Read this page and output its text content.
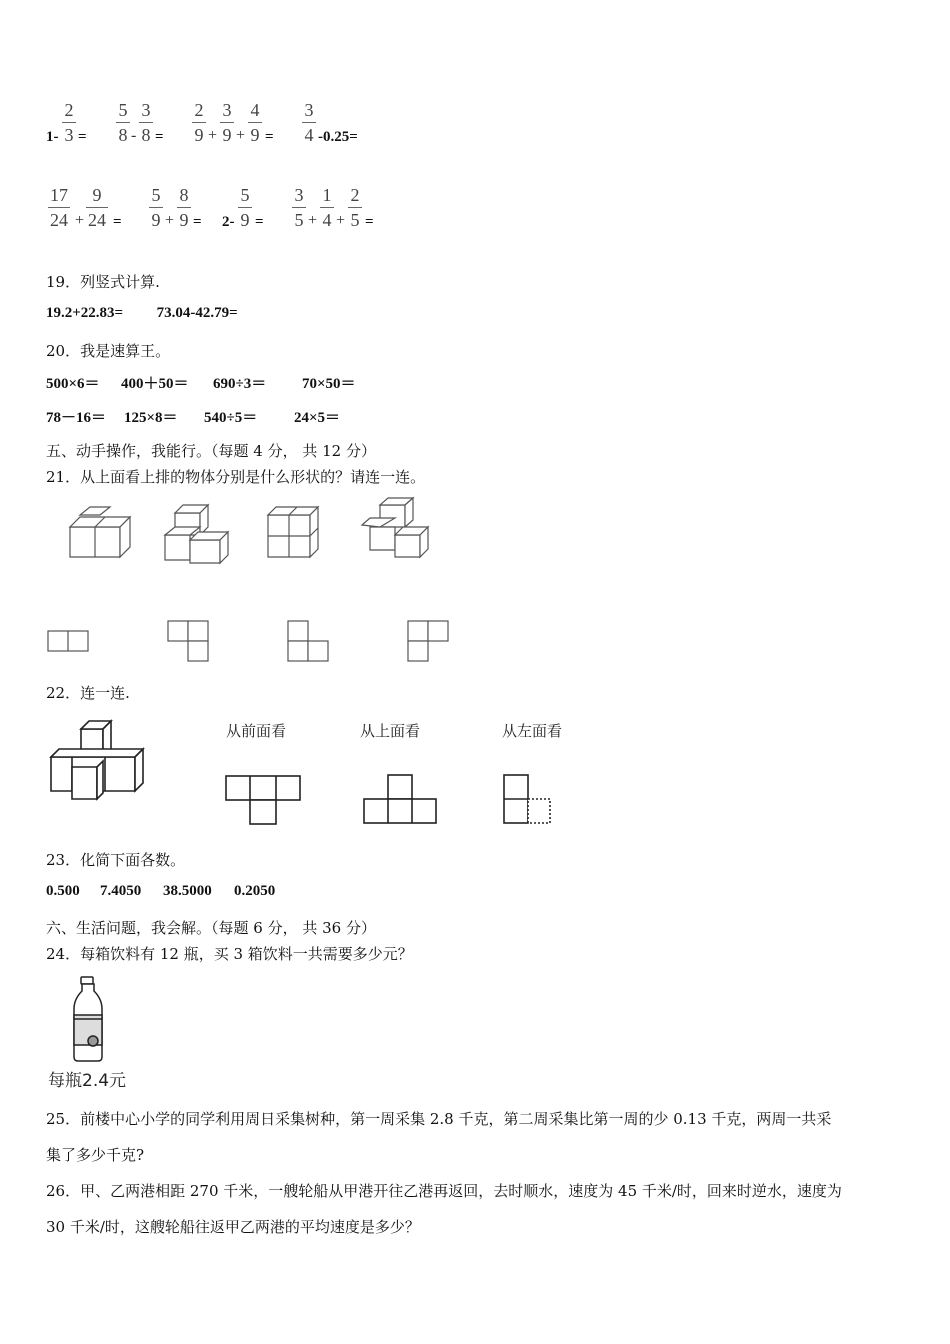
1-
2
3 =
5
8 -
3
8 =
2
9 +
3
9 +
4
9 =
3
4 -0.25=
17
24 +
9
24 =
5
9 +
8
9 = 2-
5
9 =
3
5 +
1
4 +
2
5 =
19．列竖式计算.
19.2+22.83= 73.04-42.79=
20．我是速算王。
500×6＝ 400＋50＝ 690÷3＝ 70×50＝
78－16＝ 125×8＝ 540÷5＝ 24×5＝
五、动手操作，我能行。（每题 4 分， 共 12 分）
21．从上面看上排的物体分别是什么形状的？请连一连。
22．连一连.
从前面看	从上面看	从左面看
23．化简下面各数。
0.500 7.4050 38.5000 0.2050
六、生活问题，我会解。（每题 6 分， 共 36 分）
24．每箱饮料有 12 瓶，买 3 箱饮料一共需要多少元？
每瓶2.4元
25．前楼中心小学的同学利用周日采集树种，第一周采集 2.8 千克，第二周采集比第一周的少 0.13 千克，两周一共采
集了多少千克?
26．甲、乙两港相距 270 千米，一艘轮船从甲港开往乙港再返回，去时顺水，速度为 45 千米/时，回来时逆水，速度为
30 千米/时，这艘轮船往返甲乙两港的平均速度是多少？
